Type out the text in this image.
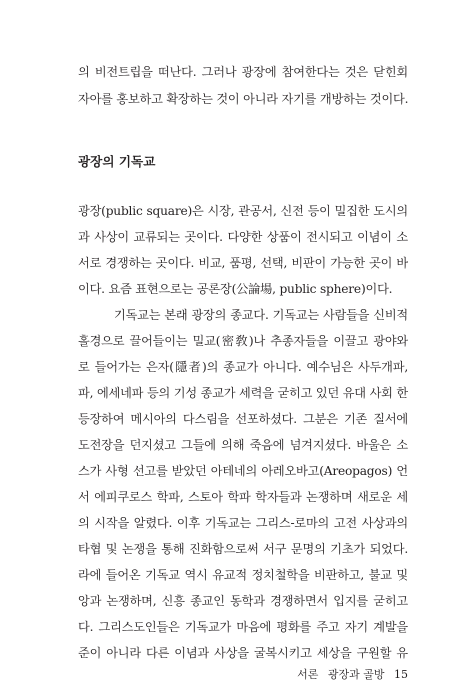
의 비전트립을 떠난다. 그러나 광장에 참여한다는 것은 닫힌회
자아를 홍보하고 확장하는 것이 아니라 자기를 개방하는 것이다.
광장의 기독교
광장(public square)은 시장, 관공서, 신전 등이 밀집한 도시의
과 사상이 교류되는 곳이다. 다양한 상품이 전시되고 이념이 소
서로 경쟁하는 곳이다. 비교, 품평, 선택, 비판이 가능한 곳이 바
이다. 요즘 표현으로는 공론장(公論場, public sphere)이다.
기독교는 본래 광장의 종교다. 기독교는 사람들을 신비적
홀경으로 끌어들이는 밀교(密敎)나 추종자들을 이끌고 광야와
로 들어가는 은자(隱者)의 종교가 아니다. 예수님은 사두개파,
파, 에세네파 등의 기성 종교가 세력을 굳히고 있던 유대 사회 한
등장하여 메시아의 다스림을 선포하셨다. 그분은 기존 질서에
도전장을 던지셨고 그들에 의해 죽음에 넘겨지셨다. 바울은 소
스가 사형 선고를 받았던 아테네의 아레오바고(Areopagos) 언
서 에피쿠로스 학파, 스토아 학파 학자들과 논쟁하며 새로운 세
의 시작을 알렸다. 이후 기독교는 그리스-로마의 고전 사상과의
타협 및 논쟁을 통해 진화함으로써 서구 문명의 기초가 되었다.
라에 들어온 기독교 역시 유교적 정치철학을 비판하고, 불교 및
앙과 논쟁하며, 신흥 종교인 동학과 경쟁하면서 입지를 굳히고
다. 그리스도인들은 기독교가 마음에 평화를 주고 자기 계발을
서론 광장과 골방 15
준이 아니라 다른 이념과 사상을 굴복시키고 세상을 구원할 유
